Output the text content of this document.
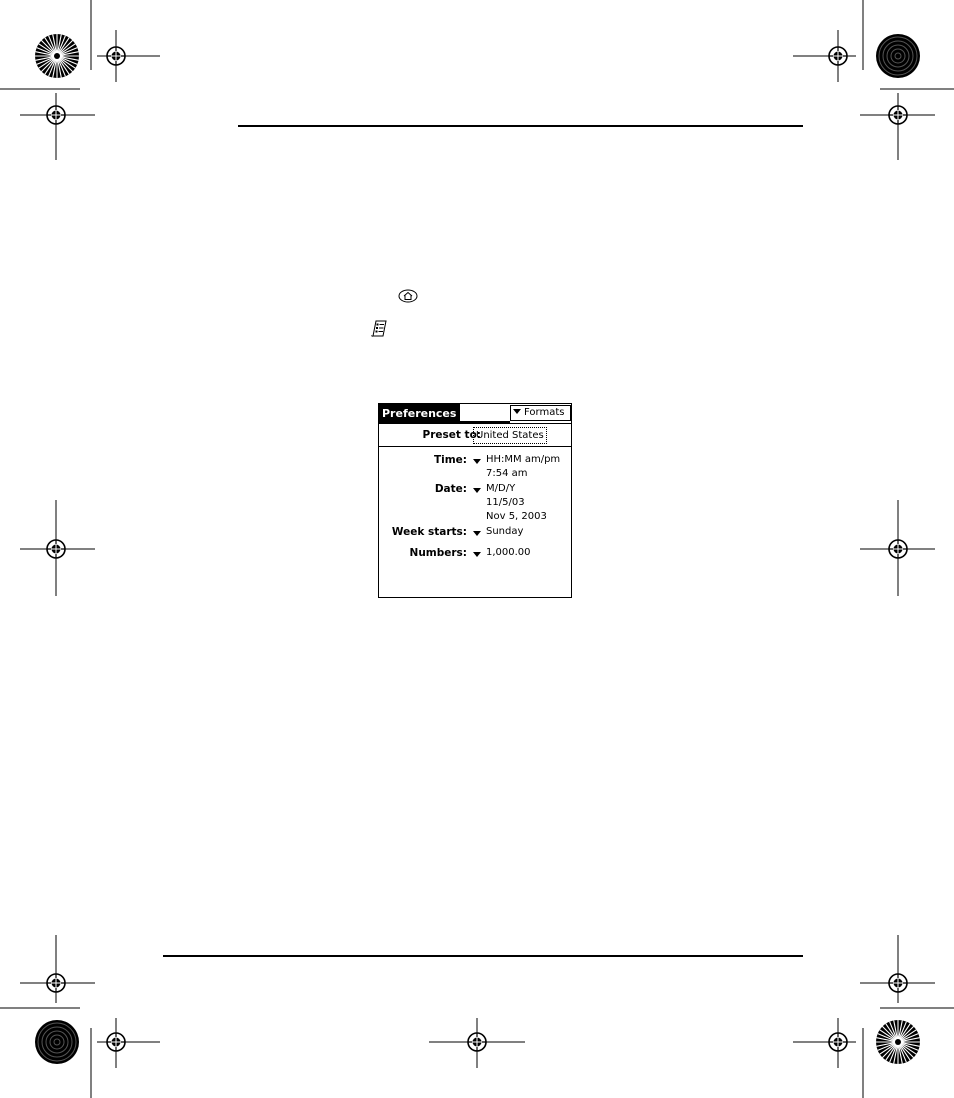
Preferences	Formats
Preset to:
United States
Time: HH:MM am/pm
7:54 am
Date: M/D/Y
11/5/03
Nov 5, 2003
Week starts: Sunday
Numbers: 1,000.00
